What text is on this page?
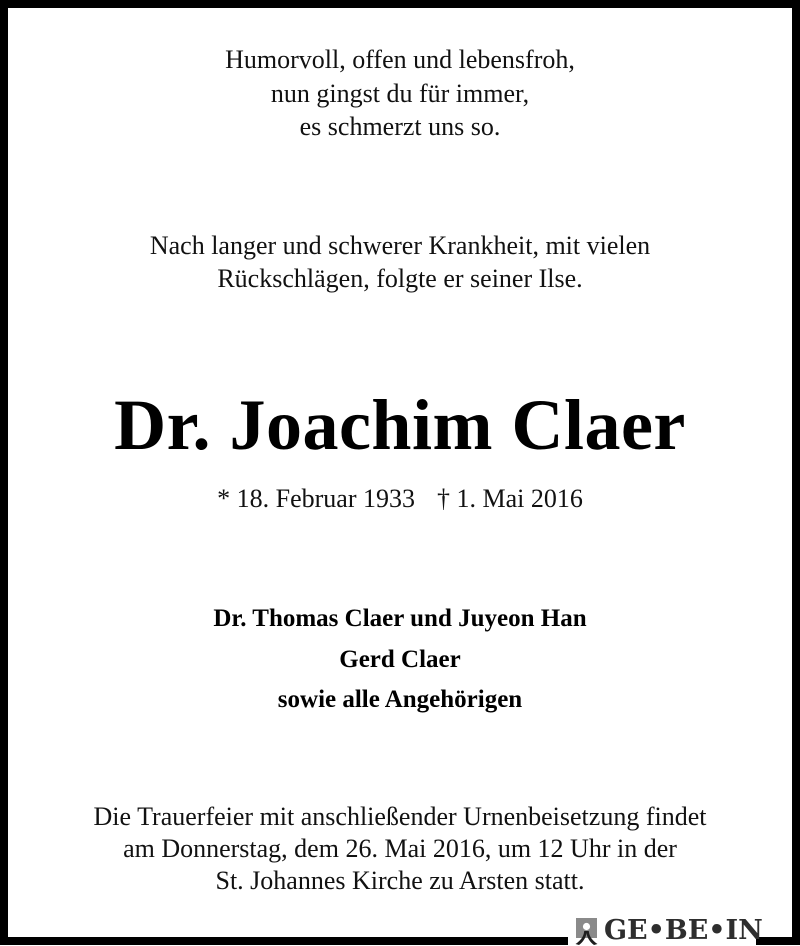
Humorvoll, offen und lebensfroh,
nun gingst du für immer,
es schmerzt uns so.
Nach langer und schwerer Krankheit, mit vielen
Rückschlägen, folgte er seiner Ilse.
Dr. Joachim Claer
* 18. Februar 1933 † 1. Mai 2016
Dr. Thomas Claer und Juyeon Han
Gerd Claer
sowie alle Angehörigen
Die Trauerfeier mit anschließender Urnenbeisetzung findet
am Donnerstag, dem 26. Mai 2016, um 12 Uhr in der
St. Johannes Kirche zu Arsten statt.
GE•BE•IN
